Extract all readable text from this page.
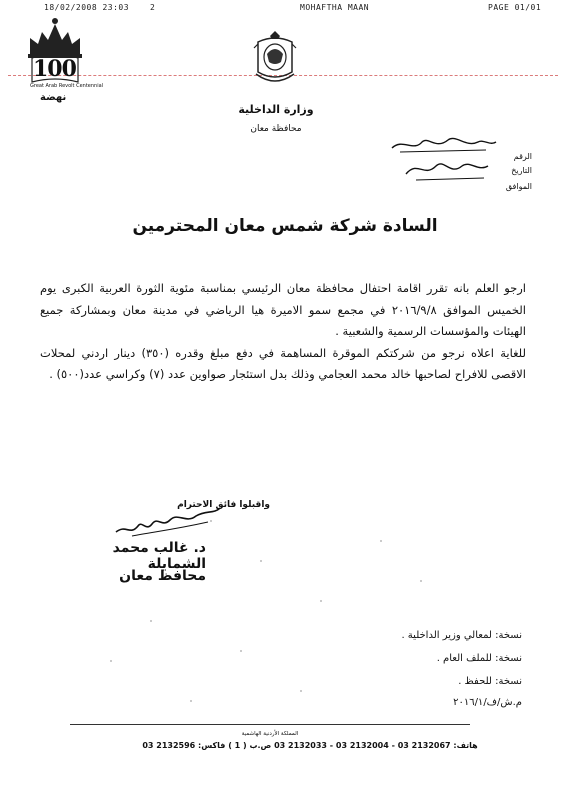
18/02/2008 23:03	2	MOHAFTHA MAAN	PAGE 01/01
100
Great Arab Revolt Centennial
نهضة
وزارة الداخلية
محافظة معان
الرقم
التاريخ
الموافق
السادة شركة شمس معان المحترمين

ارجو العلم بانه تقرر اقامة احتفال محافظة معان الرئيسي بمناسبة مئوية الثورة العربية الكبرى يوم الخميس الموافق ٢٠١٦/٩/٨ في مجمع سمو الاميرة هيا الرياضي في مدينة معان وبمشاركة جميع الهيئات والمؤسسات الرسمية والشعبية .

للغاية اعلاه نرجو من شركتكم الموقرة المساهمة في دفع مبلغ وقدره (٣٥٠) دينار اردني لمحلات الاقصى للافراح لصاحبها خالد محمد العجامي وذلك بدل استئجار صواوين عدد (٧) وكراسي عدد(٥٠٠) .

واقبلوا فائق الاحترام
د. غالب محمد الشمايلة
محافظ معان
نسخة: لمعالي وزير الداخلية .
نسخة: للملف العام .
نسخة: للحفظ .
م.ش/ف/٢٠١٦/١
المملكة الأردنية الهاشمية
هاتف: 2132067 03 - 2132004 03 - 2132033 03 ص.ب ( 1 ) فاكس: 2132596 03
